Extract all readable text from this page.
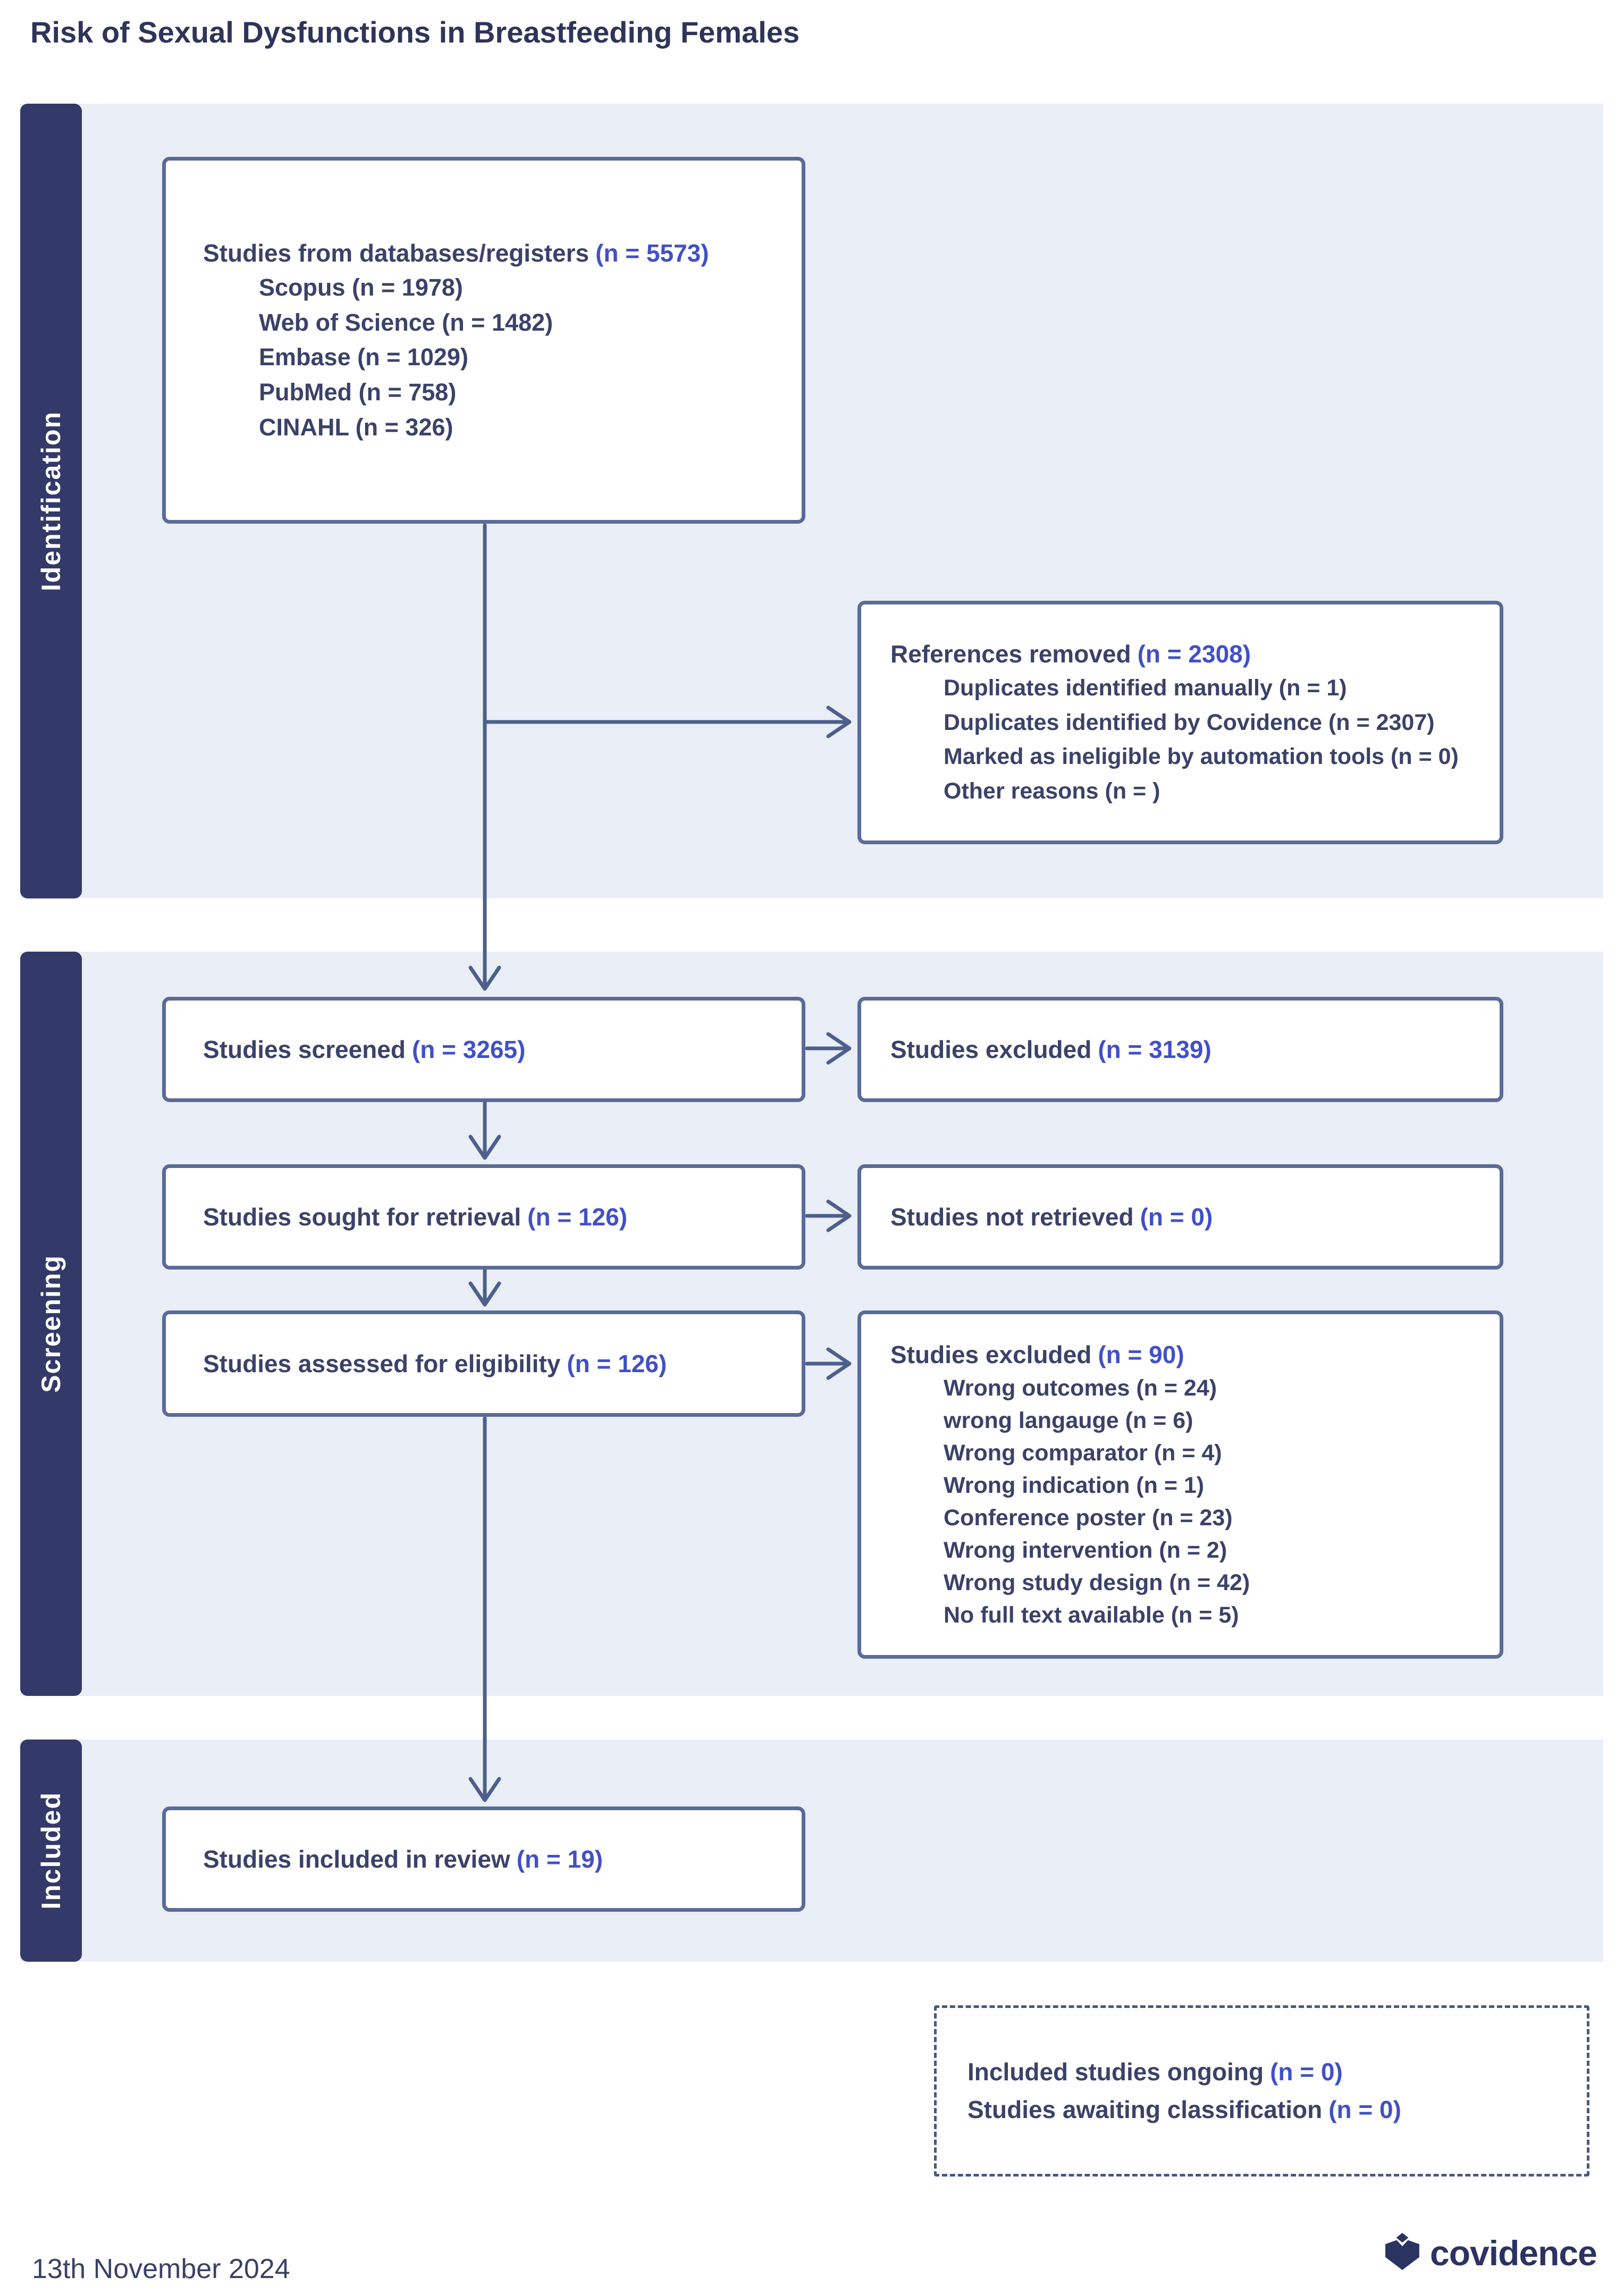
Risk of Sexual Dysfunctions in Breastfeeding Females
Identification
Screening
Included
Studies from databases/registers (n = 5573)
Scopus (n = 1978)
Web of Science (n = 1482)
Embase (n = 1029)
PubMed (n = 758)
CINAHL (n = 326)
References removed (n = 2308)
Duplicates identified manually (n = 1)
Duplicates identified by Covidence (n = 2307)
Marked as ineligible by automation tools (n = 0)
Other reasons (n = )
Studies screened (n = 3265)	Studies excluded (n = 3139)
Studies sought for retrieval (n = 126)	Studies not retrieved (n = 0)
Studies assessed for eligibility (n = 126)	Studies excluded (n = 90)
Wrong outcomes (n = 24)
wrong langauge (n = 6)
Wrong comparator (n = 4)
Wrong indication (n = 1)
Conference poster (n = 23)
Wrong intervention (n = 2)
Wrong study design (n = 42)
No full text available (n = 5)
Studies included in review (n = 19)
Included studies ongoing (n = 0)
Studies awaiting classification (n = 0)
13th November 2024	covidence
